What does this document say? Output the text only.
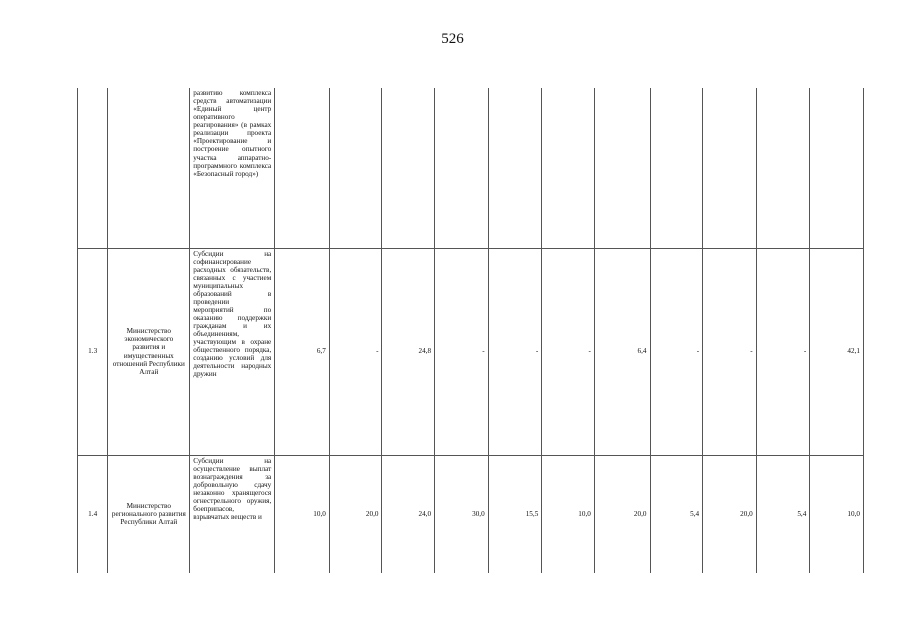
526
		развитию комплекса средств автоматизации «Единый центр оперативного реагирования» (в рамках реализации проекта «Проектирование и построение опытного участка аппаратно-программного комплекса «Безопасный город»)											
1.3	Министерство экономического развития и имущественных отношений Республики Алтай	Субсидии на софинансирование расходных обязательств, связанных с участием муниципальных образований в проведении мероприятий по оказанию поддержки гражданам и их объединениям, участвующим в охране общественного порядка, созданию условий для деятельности народных дружин	6,7	-	24,8	-	-	-	6,4	-	-	-	42,1
1.4	Министерство регионального развития Республики Алтай	Субсидии на осуществление выплат вознаграждения за добровольную сдачу незаконно хранящегося огнестрельного оружия, боеприпасов, взрывчатых веществ и	10,0	20,0	24,0	30,0	15,5	10,0	20,0	5,4	20,0	5,4	10,0
